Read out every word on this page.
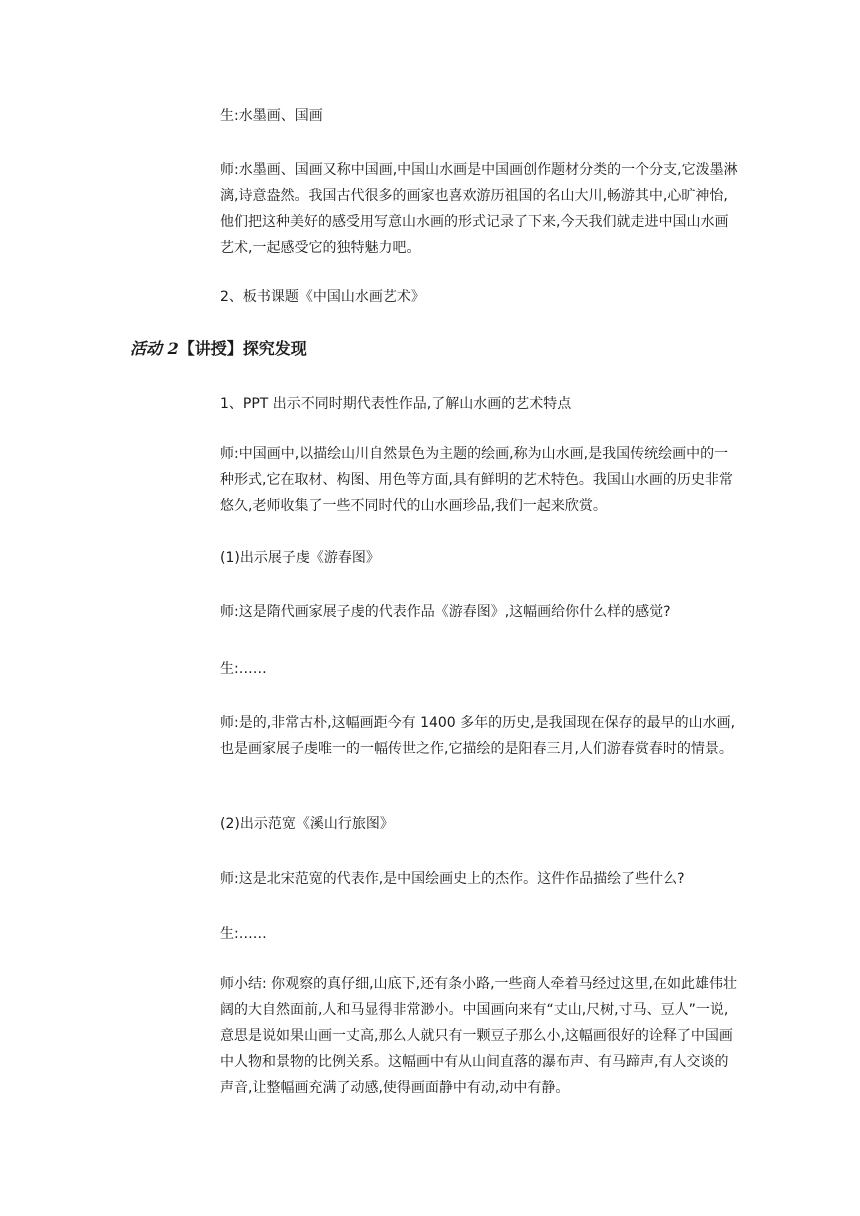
生:水墨画、国画

师:水墨画、国画又称中国画,中国山水画是中国画创作题材分类的一个分支,它泼墨淋漓,诗意盎然。我国古代很多的画家也喜欢游历祖国的名山大川,畅游其中,心旷神怡,他们把这种美好的感受用写意山水画的形式记录了下来,今天我们就走进中国山水画艺术,一起感受它的独特魅力吧。

2、板书课题《中国山水画艺术》

活动 2【讲授】探究发现

1、PPT 出示不同时期代表性作品,了解山水画的艺术特点

师:中国画中,以描绘山川自然景色为主题的绘画,称为山水画,是我国传统绘画中的一种形式,它在取材、构图、用色等方面,具有鲜明的艺术特色。我国山水画的历史非常悠久,老师收集了一些不同时代的山水画珍品,我们一起来欣赏。

(1)出示展子虔《游春图》

师:这是隋代画家展子虔的代表作品《游春图》,这幅画给你什么样的感觉?

生:……

师:是的,非常古朴,这幅画距今有 1400 多年的历史,是我国现在保存的最早的山水画,也是画家展子虔唯一的一幅传世之作,它描绘的是阳春三月,人们游春赏春时的情景。

(2)出示范宽《溪山行旅图》

师:这是北宋范宽的代表作,是中国绘画史上的杰作。这件作品描绘了些什么?

生:……

师小结: 你观察的真仔细,山底下,还有条小路,一些商人牵着马经过这里,在如此雄伟壮阔的大自然面前,人和马显得非常渺小。中国画向来有“丈山,尺树,寸马、豆人”一说,意思是说如果山画一丈高,那么人就只有一颗豆子那么小,这幅画很好的诠释了中国画中人物和景物的比例关系。这幅画中有从山间直落的瀑布声、有马蹄声,有人交谈的声音,让整幅画充满了动感,使得画面静中有动,动中有静。
